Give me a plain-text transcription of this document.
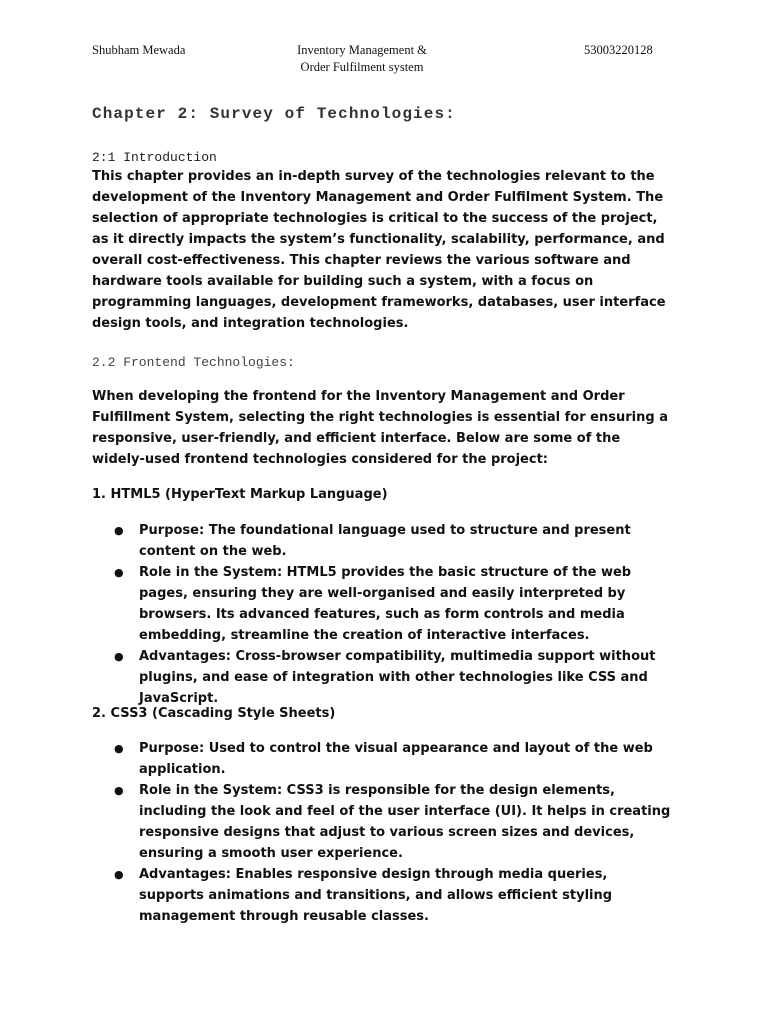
Shubham Mewada	Inventory Management &
Order Fulfilment system
53003220128
Chapter 2: Survey of Technologies:
2:1 Introduction

This chapter provides an in-depth survey of the technologies relevant to the development of the Inventory Management and Order Fulfilment System. The selection of appropriate technologies is critical to the success of the project, as it directly impacts the system’s functionality, scalability, performance, and overall cost-effectiveness. This chapter reviews the various software and hardware tools available for building such a system, with a focus on programming languages, development frameworks, databases, user interface design tools, and integration technologies.

2.2 Frontend Technologies:

When developing the frontend for the Inventory Management and Order Fulfillment System, selecting the right technologies is essential for ensuring a responsive, user-friendly, and efficient interface. Below are some of the widely-used frontend technologies considered for the project:

1. HTML5 (HyperText Markup Language)

● Purpose: The foundational language used to structure and present content on the web.
● Role in the System: HTML5 provides the basic structure of the web pages, ensuring they are well-organised and easily interpreted by browsers. Its advanced features, such as form controls and media embedding, streamline the creation of interactive interfaces.
● Advantages: Cross-browser compatibility, multimedia support without plugins, and ease of integration with other technologies like CSS and JavaScript.

2. CSS3 (Cascading Style Sheets)

● Purpose: Used to control the visual appearance and layout of the web application.
● Role in the System: CSS3 is responsible for the design elements, including the look and feel of the user interface (UI). It helps in creating responsive designs that adjust to various screen sizes and devices, ensuring a smooth user experience.
● Advantages: Enables responsive design through media queries, supports animations and transitions, and allows efficient styling management through reusable classes.
